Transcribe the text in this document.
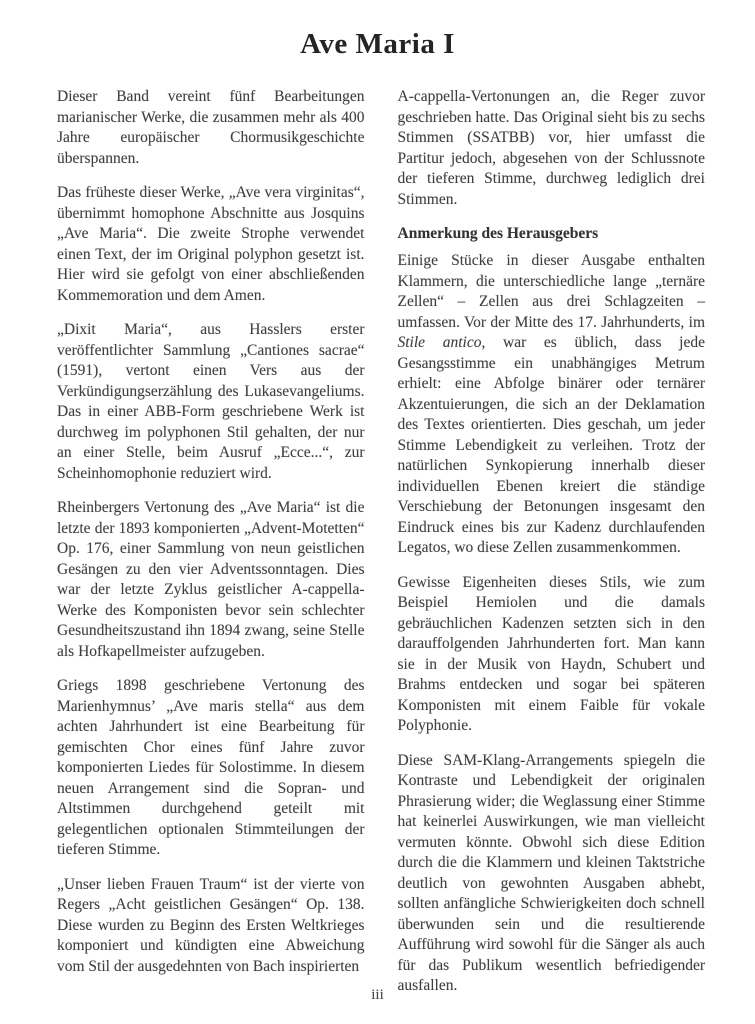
Ave Maria I

Dieser Band vereint fünf Bearbeitungen marianischer Werke, die zusammen mehr als 400 Jahre europäischer Chormusikgeschichte überspannen.

Das früheste dieser Werke, „Ave vera virginitas“, übernimmt homophone Abschnitte aus Josquins „Ave Maria“. Die zweite Strophe verwendet einen Text, der im Original polyphon gesetzt ist. Hier wird sie gefolgt von einer abschließenden Kommemoration und dem Amen.

„Dixit Maria“, aus Hasslers erster veröffentlichter Sammlung „Cantiones sacrae“ (1591), vertont einen Vers aus der Verkündigungserzählung des Lukasevangeliums. Das in einer ABB-Form geschriebene Werk ist durchweg im polyphonen Stil gehalten, der nur an einer Stelle, beim Ausruf „Ecce...“, zur Scheinhomophonie reduziert wird.

Rheinbergers Vertonung des „Ave Maria“ ist die letzte der 1893 komponierten „Advent-Motetten“ Op. 176, einer Sammlung von neun geistlichen Gesängen zu den vier Adventssonntagen. Dies war der letzte Zyklus geistlicher A-cappella-Werke des Komponisten bevor sein schlechter Gesundheitszustand ihn 1894 zwang, seine Stelle als Hofkapellmeister aufzugeben.

Griegs 1898 geschriebene Vertonung des Marienhymnus’ „Ave maris stella“ aus dem achten Jahrhundert ist eine Bearbeitung für gemischten Chor eines fünf Jahre zuvor komponierten Liedes für Solostimme. In diesem neuen Arrangement sind die Sopran- und Altstimmen durchgehend geteilt mit gelegentlichen optionalen Stimmteilungen der tieferen Stimme.

„Unser lieben Frauen Traum“ ist der vierte von Regers „Acht geistlichen Gesängen“ Op. 138. Diese wurden zu Beginn des Ersten Weltkrieges komponiert und kündigten eine Abweichung vom Stil der ausgedehnten von Bach inspirierten

A-cappella-Vertonungen an, die Reger zuvor geschrieben hatte. Das Original sieht bis zu sechs Stimmen (SSATBB) vor, hier umfasst die Partitur jedoch, abgesehen von der Schlussnote der tieferen Stimme, durchweg lediglich drei Stimmen.

Anmerkung des Herausgebers

Einige Stücke in dieser Ausgabe enthalten Klammern, die unterschiedliche lange „ternäre Zellen“ – Zellen aus drei Schlagzeiten – umfassen. Vor der Mitte des 17. Jahrhunderts, im Stile antico, war es üblich, dass jede Gesangsstimme ein unabhängiges Metrum erhielt: eine Abfolge binärer oder ternärer Akzentuierungen, die sich an der Deklamation des Textes orientierten. Dies geschah, um jeder Stimme Lebendigkeit zu verleihen. Trotz der natürlichen Synkopierung innerhalb dieser individuellen Ebenen kreiert die ständige Verschiebung der Betonungen insgesamt den Eindruck eines bis zur Kadenz durchlaufenden Legatos, wo diese Zellen zusammenkommen.

Gewisse Eigenheiten dieses Stils, wie zum Beispiel Hemiolen und die damals gebräuchlichen Kadenzen setzten sich in den darauffolgenden Jahrhunderten fort. Man kann sie in der Musik von Haydn, Schubert und Brahms entdecken und sogar bei späteren Komponisten mit einem Faible für vokale Polyphonie.

Diese SAM-Klang-Arrangements spiegeln die Kontraste und Lebendigkeit der originalen Phrasierung wider; die Weglassung einer Stimme hat keinerlei Auswirkungen, wie man vielleicht vermuten könnte. Obwohl sich diese Edition durch die die Klammern und kleinen Taktstriche deutlich von gewohnten Ausgaben abhebt, sollten anfängliche Schwierigkeiten doch schnell überwunden sein und die resultierende Aufführung wird sowohl für die Sänger als auch für das Publikum wesentlich befriedigender ausfallen.

iii
